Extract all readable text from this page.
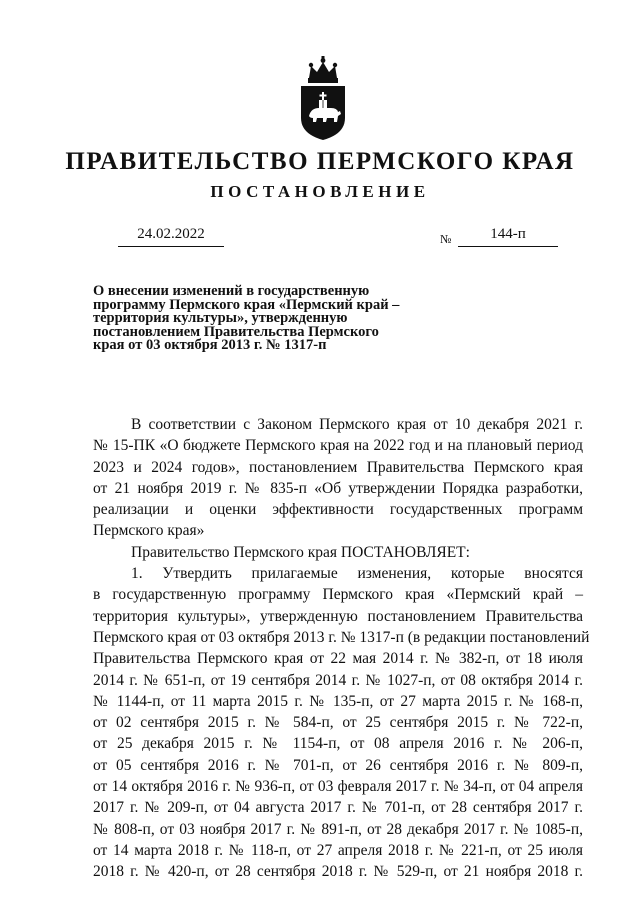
ПРАВИТЕЛЬСТВО ПЕРМСКОГО КРАЯ
ПОСТАНОВЛЕНИЕ
24.02.2022	№	144-п
О внесении изменений в государственную
программу Пермского края «Пермский край –
территория культуры», утвержденную
постановлением Правительства Пермского
края от 03 октября 2013 г. № 1317-п
В соответствии с Законом Пермского края от 10 декабря 2021 г.
№ 15-ПК «О бюджете Пермского края на 2022 год и на плановый период
2023 и 2024 годов», постановлением Правительства Пермского края
от 21 ноября 2019 г. № 835-п «Об утверждении Порядка разработки,
реализации и оценки эффективности государственных программ
Пермского края»
Правительство Пермского края ПОСТАНОВЛЯЕТ:
1. Утвердить прилагаемые изменения, которые вносятся
в государственную программу Пермского края «Пермский край –
территория культуры», утвержденную постановлением Правительства
Пермского края от 03 октября 2013 г. № 1317-п (в редакции постановлений
Правительства Пермского края от 22 мая 2014 г. № 382-п, от 18 июля
2014 г. № 651-п, от 19 сентября 2014 г. № 1027-п, от 08 октября 2014 г.
№ 1144-п, от 11 марта 2015 г. № 135-п, от 27 марта 2015 г. № 168-п,
от 02 сентября 2015 г. № 584-п, от 25 сентября 2015 г. № 722-п,
от 25 декабря 2015 г. № 1154-п, от 08 апреля 2016 г. № 206-п,
от 05 сентября 2016 г. № 701-п, от 26 сентября 2016 г. № 809-п,
от 14 октября 2016 г. № 936-п, от 03 февраля 2017 г. № 34-п, от 04 апреля
2017 г. № 209-п, от 04 августа 2017 г. № 701-п, от 28 сентября 2017 г.
№ 808-п, от 03 ноября 2017 г. № 891-п, от 28 декабря 2017 г. № 1085-п,
от 14 марта 2018 г. № 118-п, от 27 апреля 2018 г. № 221-п, от 25 июля
2018 г. № 420-п, от 28 сентября 2018 г. № 529-п, от 21 ноября 2018 г.
